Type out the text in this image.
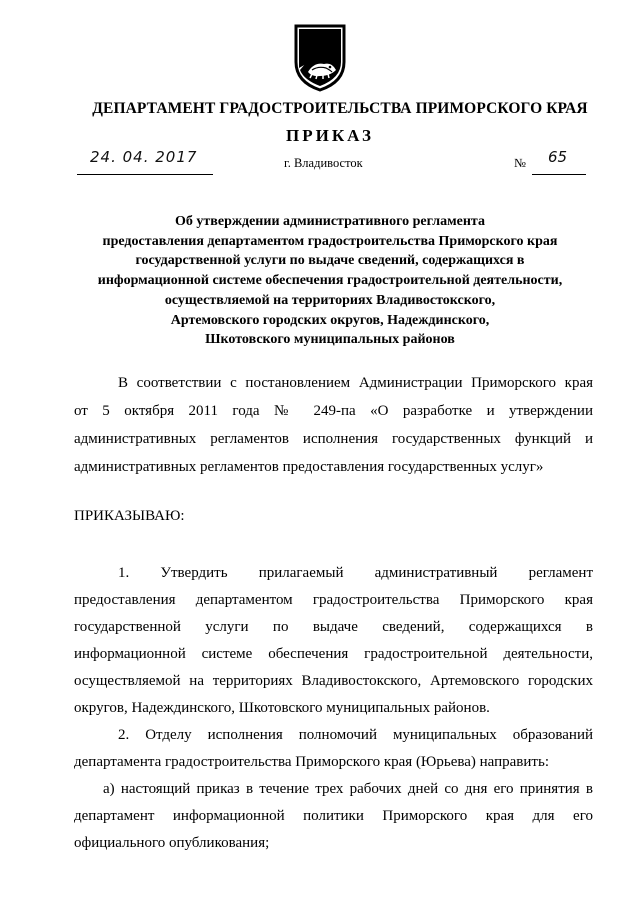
ДЕПАРТАМЕНТ ГРАДОСТРОИТЕЛЬСТВА ПРИМОРСКОГО КРАЯ
ПРИКАЗ
24. 04. 2017	г. Владивосток	№ 65
Об утверждении административного регламента
предоставления департаментом градостроительства Приморского края
государственной услуги по выдаче сведений, содержащихся в
информационной системе обеспечения градостроительной деятельности,
осуществляемой на территориях Владивостокского,
Артемовского городских округов, Надеждинского,
Шкотовского муниципальных районов
В соответствии с постановлением Администрации Приморского края
от 5 октября 2011 года № 249-па «О разработке и утверждении
административных регламентов исполнения государственных функций и
административных регламентов предоставления государственных услуг»
ПРИКАЗЫВАЮ:
1. Утвердить прилагаемый административный регламент
предоставления департаментом градостроительства Приморского края
государственной услуги по выдаче сведений, содержащихся в
информационной системе обеспечения градостроительной деятельности,
осуществляемой на территориях Владивостокского, Артемовского городских
округов, Надеждинского, Шкотовского муниципальных районов.
2. Отделу исполнения полномочий муниципальных образований
департамента градостроительства Приморского края (Юрьева) направить:
а) настоящий приказ в течение трех рабочих дней со дня его принятия в
департамент информационной политики Приморского края для его
официального опубликования;
